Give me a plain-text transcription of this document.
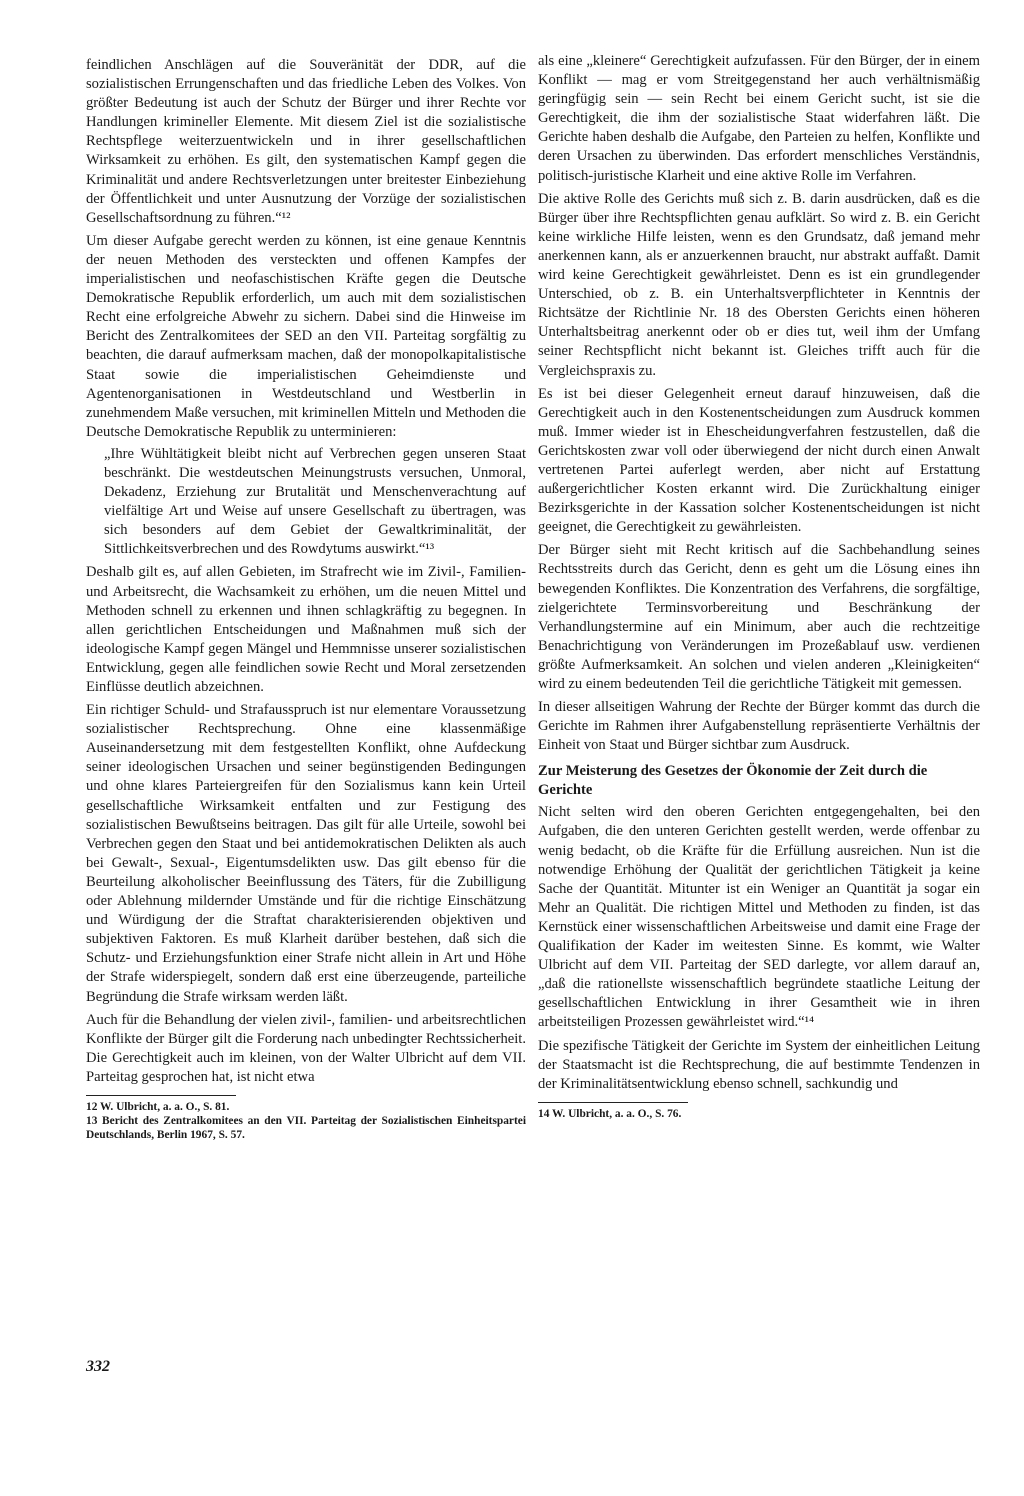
feindlichen Anschlägen auf die Souveränität der DDR, auf die sozialistischen Errungenschaften und das friedliche Leben des Volkes. Von größter Bedeutung ist auch der Schutz der Bürger und ihrer Rechte vor Handlungen krimineller Elemente. Mit diesem Ziel ist die sozialistische Rechtspflege weiterzuentwickeln und in ihrer gesellschaftlichen Wirksamkeit zu erhöhen. Es gilt, den systematischen Kampf gegen die Kriminalität und andere Rechtsverletzungen unter breitester Einbeziehung der Öffentlichkeit und unter Ausnutzung der Vorzüge der sozialistischen Gesellschaftsordnung zu führen.“¹²

Um dieser Aufgabe gerecht werden zu können, ist eine genaue Kenntnis der neuen Methoden des versteckten und offenen Kampfes der imperialistischen und neofaschistischen Kräfte gegen die Deutsche Demokratische Republik erforderlich, um auch mit dem sozialistischen Recht eine erfolgreiche Abwehr zu sichern. Dabei sind die Hinweise im Bericht des Zentralkomitees der SED an den VII. Parteitag sorgfältig zu beachten, die darauf aufmerksam machen, daß der monopolkapitalistische Staat sowie die imperialistischen Geheimdienste und Agentenorganisationen in Westdeutschland und Westberlin in zunehmendem Maße versuchen, mit kriminellen Mitteln und Methoden die Deutsche Demokratische Republik zu unterminieren:

„Ihre Wühltätigkeit bleibt nicht auf Verbrechen gegen unseren Staat beschränkt. Die westdeutschen Meinungstrusts versuchen, Unmoral, Dekadenz, Erziehung zur Brutalität und Menschenverachtung auf vielfältige Art und Weise auf unsere Gesellschaft zu übertragen, was sich besonders auf dem Gebiet der Gewaltkriminalität, der Sittlichkeitsverbrechen und des Rowdytums auswirkt.“¹³

Deshalb gilt es, auf allen Gebieten, im Strafrecht wie im Zivil-, Familien- und Arbeitsrecht, die Wachsamkeit zu erhöhen, um die neuen Mittel und Methoden schnell zu erkennen und ihnen schlagkräftig zu begegnen. In allen gerichtlichen Entscheidungen und Maßnahmen muß sich der ideologische Kampf gegen Mängel und Hemmnisse unserer sozialistischen Entwicklung, gegen alle feindlichen sowie Recht und Moral zersetzenden Einflüsse deutlich abzeichnen.

Ein richtiger Schuld- und Strafausspruch ist nur elementare Voraussetzung sozialistischer Rechtsprechung. Ohne eine klassenmäßige Auseinandersetzung mit dem festgestellten Konflikt, ohne Aufdeckung seiner ideologischen Ursachen und seiner begünstigenden Bedingungen und ohne klares Parteiergreifen für den Sozialismus kann kein Urteil gesellschaftliche Wirksamkeit entfalten und zur Festigung des sozialistischen Bewußtseins beitragen. Das gilt für alle Urteile, sowohl bei Verbrechen gegen den Staat und bei antidemokratischen Delikten als auch bei Gewalt-, Sexual-, Eigentumsdelikten usw. Das gilt ebenso für die Beurteilung alkoholischer Beeinflussung des Täters, für die Zubilligung oder Ablehnung mildernder Umstände und für die richtige Einschätzung und Würdigung der die Straftat charakterisierenden objektiven und subjektiven Faktoren. Es muß Klarheit darüber bestehen, daß sich die Schutz- und Erziehungsfunktion einer Strafe nicht allein in Art und Höhe der Strafe widerspiegelt, sondern daß erst eine überzeugende, parteiliche Begründung die Strafe wirksam werden läßt.

Auch für die Behandlung der vielen zivil-, familien- und arbeitsrechtlichen Konflikte der Bürger gilt die Forderung nach unbedingter Rechtssicherheit. Die Gerechtigkeit auch im kleinen, von der Walter Ulbricht auf dem VII. Parteitag gesprochen hat, ist nicht etwa

12 W. Ulbricht, a. a. O., S. 81.
13 Bericht des Zentralkomitees an den VII. Parteitag der Sozialistischen Einheitspartei Deutschlands, Berlin 1967, S. 57.

als eine „kleinere“ Gerechtigkeit aufzufassen. Für den Bürger, der in einem Konflikt — mag er vom Streitgegenstand her auch verhältnismäßig geringfügig sein — sein Recht bei einem Gericht sucht, ist sie die Gerechtigkeit, die ihm der sozialistische Staat widerfahren läßt. Die Gerichte haben deshalb die Aufgabe, den Parteien zu helfen, Konflikte und deren Ursachen zu überwinden. Das erfordert menschliches Verständnis, politisch-juristische Klarheit und eine aktive Rolle im Verfahren.

Die aktive Rolle des Gerichts muß sich z. B. darin ausdrücken, daß es die Bürger über ihre Rechtspflichten genau aufklärt. So wird z. B. ein Gericht keine wirkliche Hilfe leisten, wenn es den Grundsatz, daß jemand mehr anerkennen kann, als er anzuerkennen braucht, nur abstrakt auffaßt. Damit wird keine Gerechtigkeit gewährleistet. Denn es ist ein grundlegender Unterschied, ob z. B. ein Unterhaltsverpflichteter in Kenntnis der Richtsätze der Richtlinie Nr. 18 des Obersten Gerichts einen höheren Unterhaltsbeitrag anerkennt oder ob er dies tut, weil ihm der Umfang seiner Rechtspflicht nicht bekannt ist. Gleiches trifft auch für die Vergleichspraxis zu.

Es ist bei dieser Gelegenheit erneut darauf hinzuweisen, daß die Gerechtigkeit auch in den Kostenentscheidungen zum Ausdruck kommen muß. Immer wieder ist in Ehescheidungverfahren festzustellen, daß die Gerichtskosten zwar voll oder überwiegend der nicht durch einen Anwalt vertretenen Partei auferlegt werden, aber nicht auf Erstattung außergerichtlicher Kosten erkannt wird. Die Zurückhaltung einiger Bezirksgerichte in der Kassation solcher Kostenentscheidungen ist nicht geeignet, die Gerechtigkeit zu gewährleisten.

Der Bürger sieht mit Recht kritisch auf die Sachbehandlung seines Rechtsstreits durch das Gericht, denn es geht um die Lösung eines ihn bewegenden Konfliktes. Die Konzentration des Verfahrens, die sorgfältige, zielgerichtete Terminsvorbereitung und Beschränkung der Verhandlungstermine auf ein Minimum, aber auch die rechtzeitige Benachrichtigung von Veränderungen im Prozeßablauf usw. verdienen größte Aufmerksamkeit. An solchen und vielen anderen „Kleinigkeiten“ wird zu einem bedeutenden Teil die gerichtliche Tätigkeit mit gemessen.

In dieser allseitigen Wahrung der Rechte der Bürger kommt das durch die Gerichte im Rahmen ihrer Aufgabenstellung repräsentierte Verhältnis der Einheit von Staat und Bürger sichtbar zum Ausdruck.

Zur Meisterung des Gesetzes der Ökonomie der Zeit durch die Gerichte

Nicht selten wird den oberen Gerichten entgegengehalten, bei den Aufgaben, die den unteren Gerichten gestellt werden, werde offenbar zu wenig bedacht, ob die Kräfte für die Erfüllung ausreichen. Nun ist die notwendige Erhöhung der Qualität der gerichtlichen Tätigkeit ja keine Sache der Quantität. Mitunter ist ein Weniger an Quantität ja sogar ein Mehr an Qualität. Die richtigen Mittel und Methoden zu finden, ist das Kernstück einer wissenschaftlichen Arbeitsweise und damit eine Frage der Qualifikation der Kader im weitesten Sinne. Es kommt, wie Walter Ulbricht auf dem VII. Parteitag der SED darlegte, vor allem darauf an, „daß die rationellste wissenschaftlich begründete staatliche Leitung der gesellschaftlichen Entwicklung in ihrer Gesamtheit wie in ihren arbeitsteiligen Prozessen gewährleistet wird.“¹⁴

Die spezifische Tätigkeit der Gerichte im System der einheitlichen Leitung der Staatsmacht ist die Rechtsprechung, die auf bestimmte Tendenzen in der Kriminalitätsentwicklung ebenso schnell, sachkundig und

14 W. Ulbricht, a. a. O., S. 76.
332
